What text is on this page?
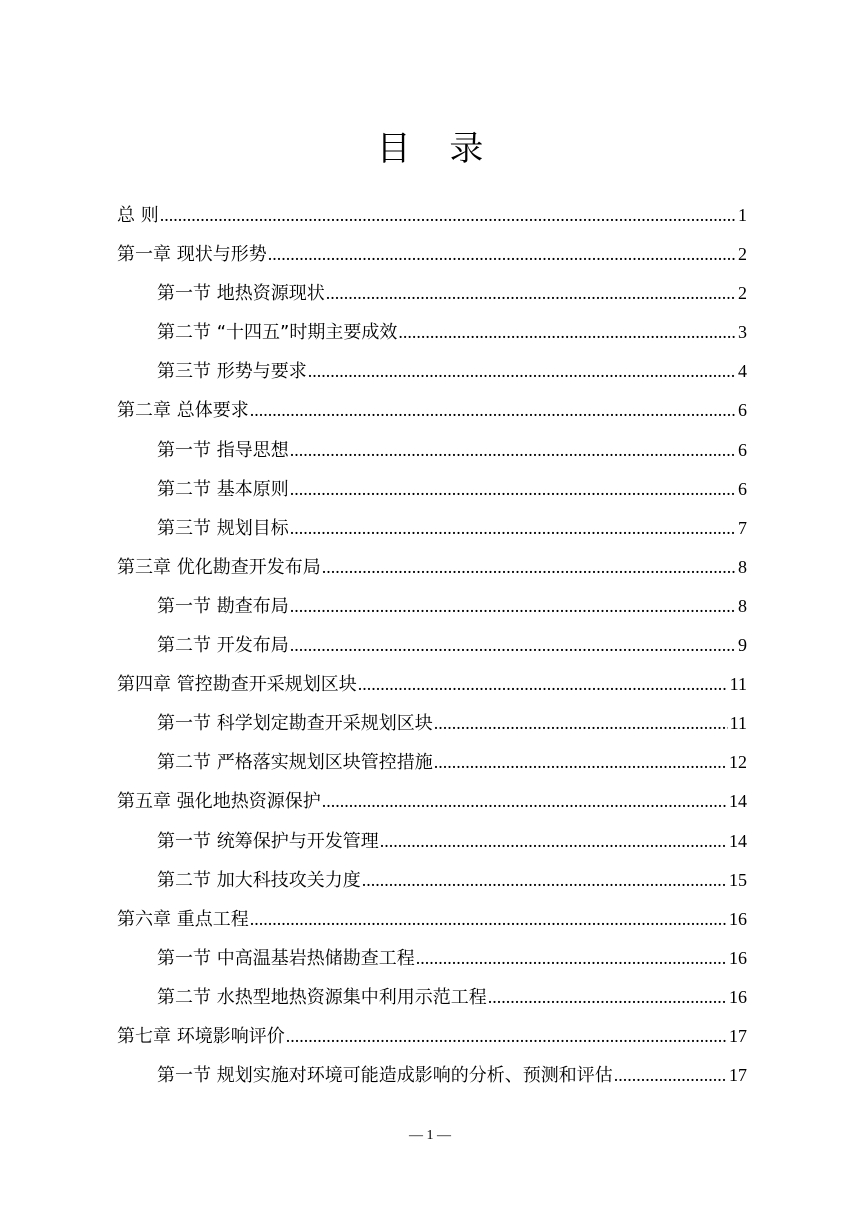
目 录
总 则 .....	1
第一章 现状与形势 .....	2
第一节 地热资源现状 .....	2
第二节 “十四五”时期主要成效 .....	3
第三节 形势与要求 .....	4
第二章 总体要求 .....	6
第一节 指导思想 .....	6
第二节 基本原则 .....	6
第三节 规划目标 .....	7
第三章 优化勘查开发布局 .....	8
第一节 勘查布局 .....	8
第二节 开发布局 .....	9
第四章 管控勘查开采规划区块 .....	11
第一节 科学划定勘查开采规划区块 .....	11
第二节 严格落实规划区块管控措施 .....	12
第五章 强化地热资源保护 .....	14
第一节 统筹保护与开发管理 .....	14
第二节 加大科技攻关力度 .....	15
第六章 重点工程 .....	16
第一节 中高温基岩热储勘查工程 .....	16
第二节 水热型地热资源集中利用示范工程 .....	16
第七章 环境影响评价 .....	17
第一节 规划实施对环境可能造成影响的分析、预测和评估 .....	17
— 1 —
